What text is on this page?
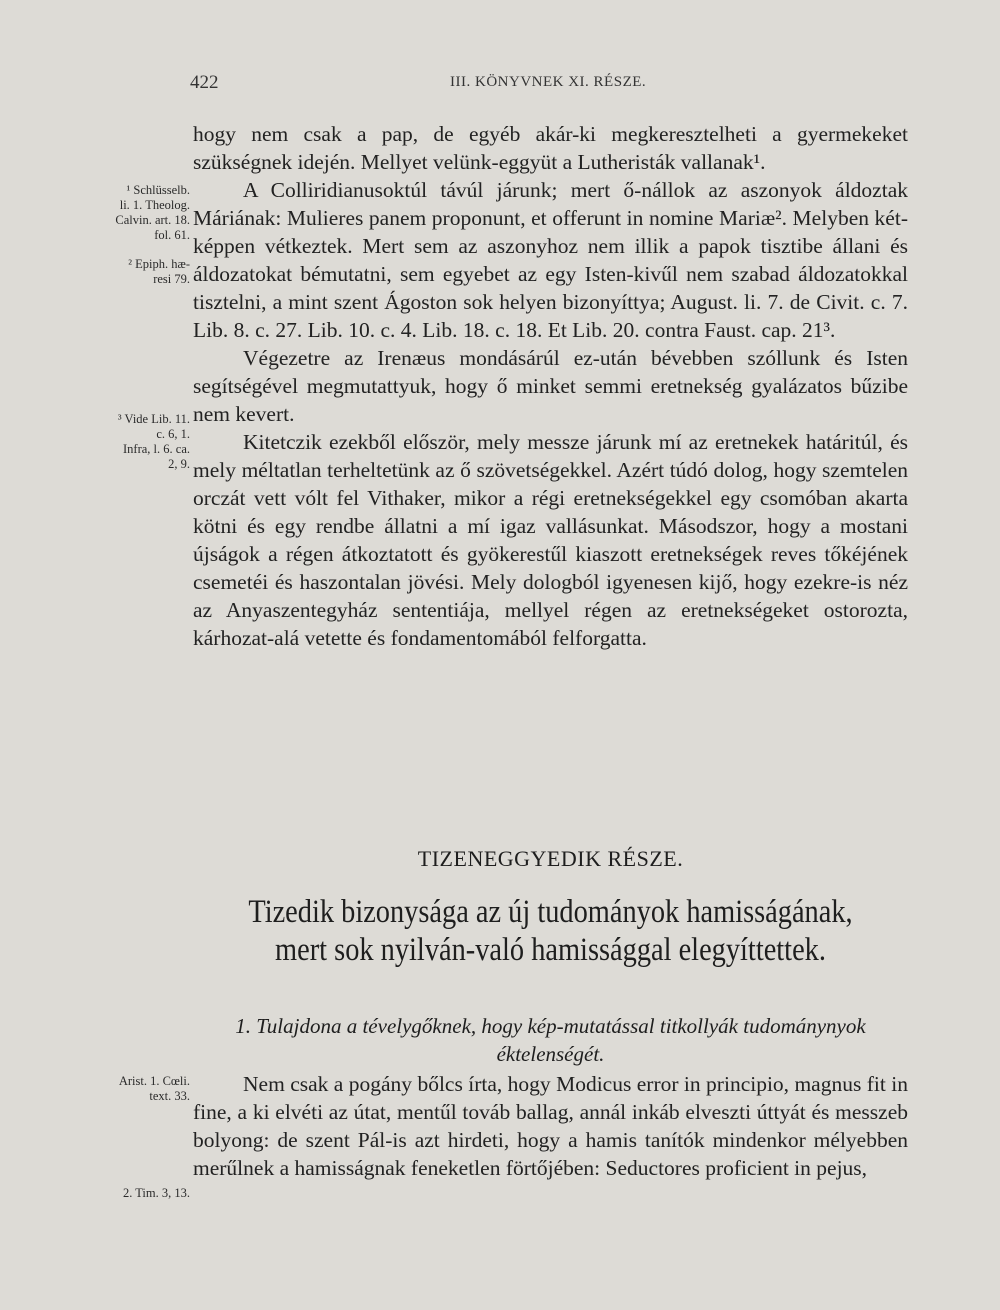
422	III. KÖNYVNEK XI. RÉSZE.

hogy nem csak a pap, de egyéb akár-ki megkeresztelheti a gyermekeket szükségnek idején. Mellyet velünk-eggyüt a Lutheristák vallanak¹.

A Colliridianusoktúl távúl járunk; mert ő-nállok az aszonyok áldoztak Máriának: Mulieres panem proponunt, et offerunt in nomine Mariæ². Melyben két-képpen vétkeztek. Mert sem az aszonyhoz nem illik a papok tisztibe állani és áldozatokat bémutatni, sem egyebet az egy Isten-kivűl nem szabad áldozatokkal tisztelni, a mint szent Ágoston sok helyen bizonyíttya; August. li. 7. de Civit. c. 7. Lib. 8. c. 27. Lib. 10. c. 4. Lib. 18. c. 18. Et Lib. 20. contra Faust. cap. 21³.

Végezetre az Irenæus mondásárúl ez-után bévebben szóllunk és Isten segítségével megmutattyuk, hogy ő minket semmi eretnekség gyalázatos bűzibe nem kevert.

Kitetczik ezekből először, mely messze járunk mí az eretnekek határitúl, és mely méltatlan terheltetünk az ő szövetségekkel. Azért túdó dolog, hogy szemtelen orczát vett vólt fel Vithaker, mikor a régi eretnekségekkel egy csomóban akarta kötni és egy rendbe állatni a mí igaz vallásunkat. Másodszor, hogy a mostani újságok a régen átkoztatott és gyökerestűl kiaszott eretnekségek reves tőkéjének csemetéi és haszontalan jövési. Mely dologból igyenesen kijő, hogy ezekre-is néz az Anyaszentegyház sententiája, mellyel régen az eretnekségeket ostorozta, kárhozat-alá vetette és fondamentomából felforgatta.

¹ Schlüsselb.
li. 1. Theolog.
Calvin. art. 18.
fol. 61.
² Epiph. hæ-
resi 79.
³ Vide Lib. 11.
c. 6, 1.
Infra, l. 6. ca.
2, 9.
TIZENEGGYEDIK RÉSZE.
Tizedik bizonysága az új tudományok hamisságának,
mert sok nyilván-való hamissággal elegyíttettek.
1. Tulajdona a tévelygőknek, hogy kép-mutatással titkollyák tudománynyok éktelenségét.

Nem csak a pogány bőlcs írta, hogy Modicus error in principio, magnus fit in fine, a ki elvéti az útat, mentűl továb ballag, annál inkáb elveszti úttyát és messzeb bolyong: de szent Pál-is azt hirdeti, hogy a hamis tanítók mindenkor mélyebben merűlnek a hamisságnak feneketlen förtőjében: Seductores proficient in pejus,

Arist. 1. Cœli.
text. 33.
2. Tim. 3, 13.
